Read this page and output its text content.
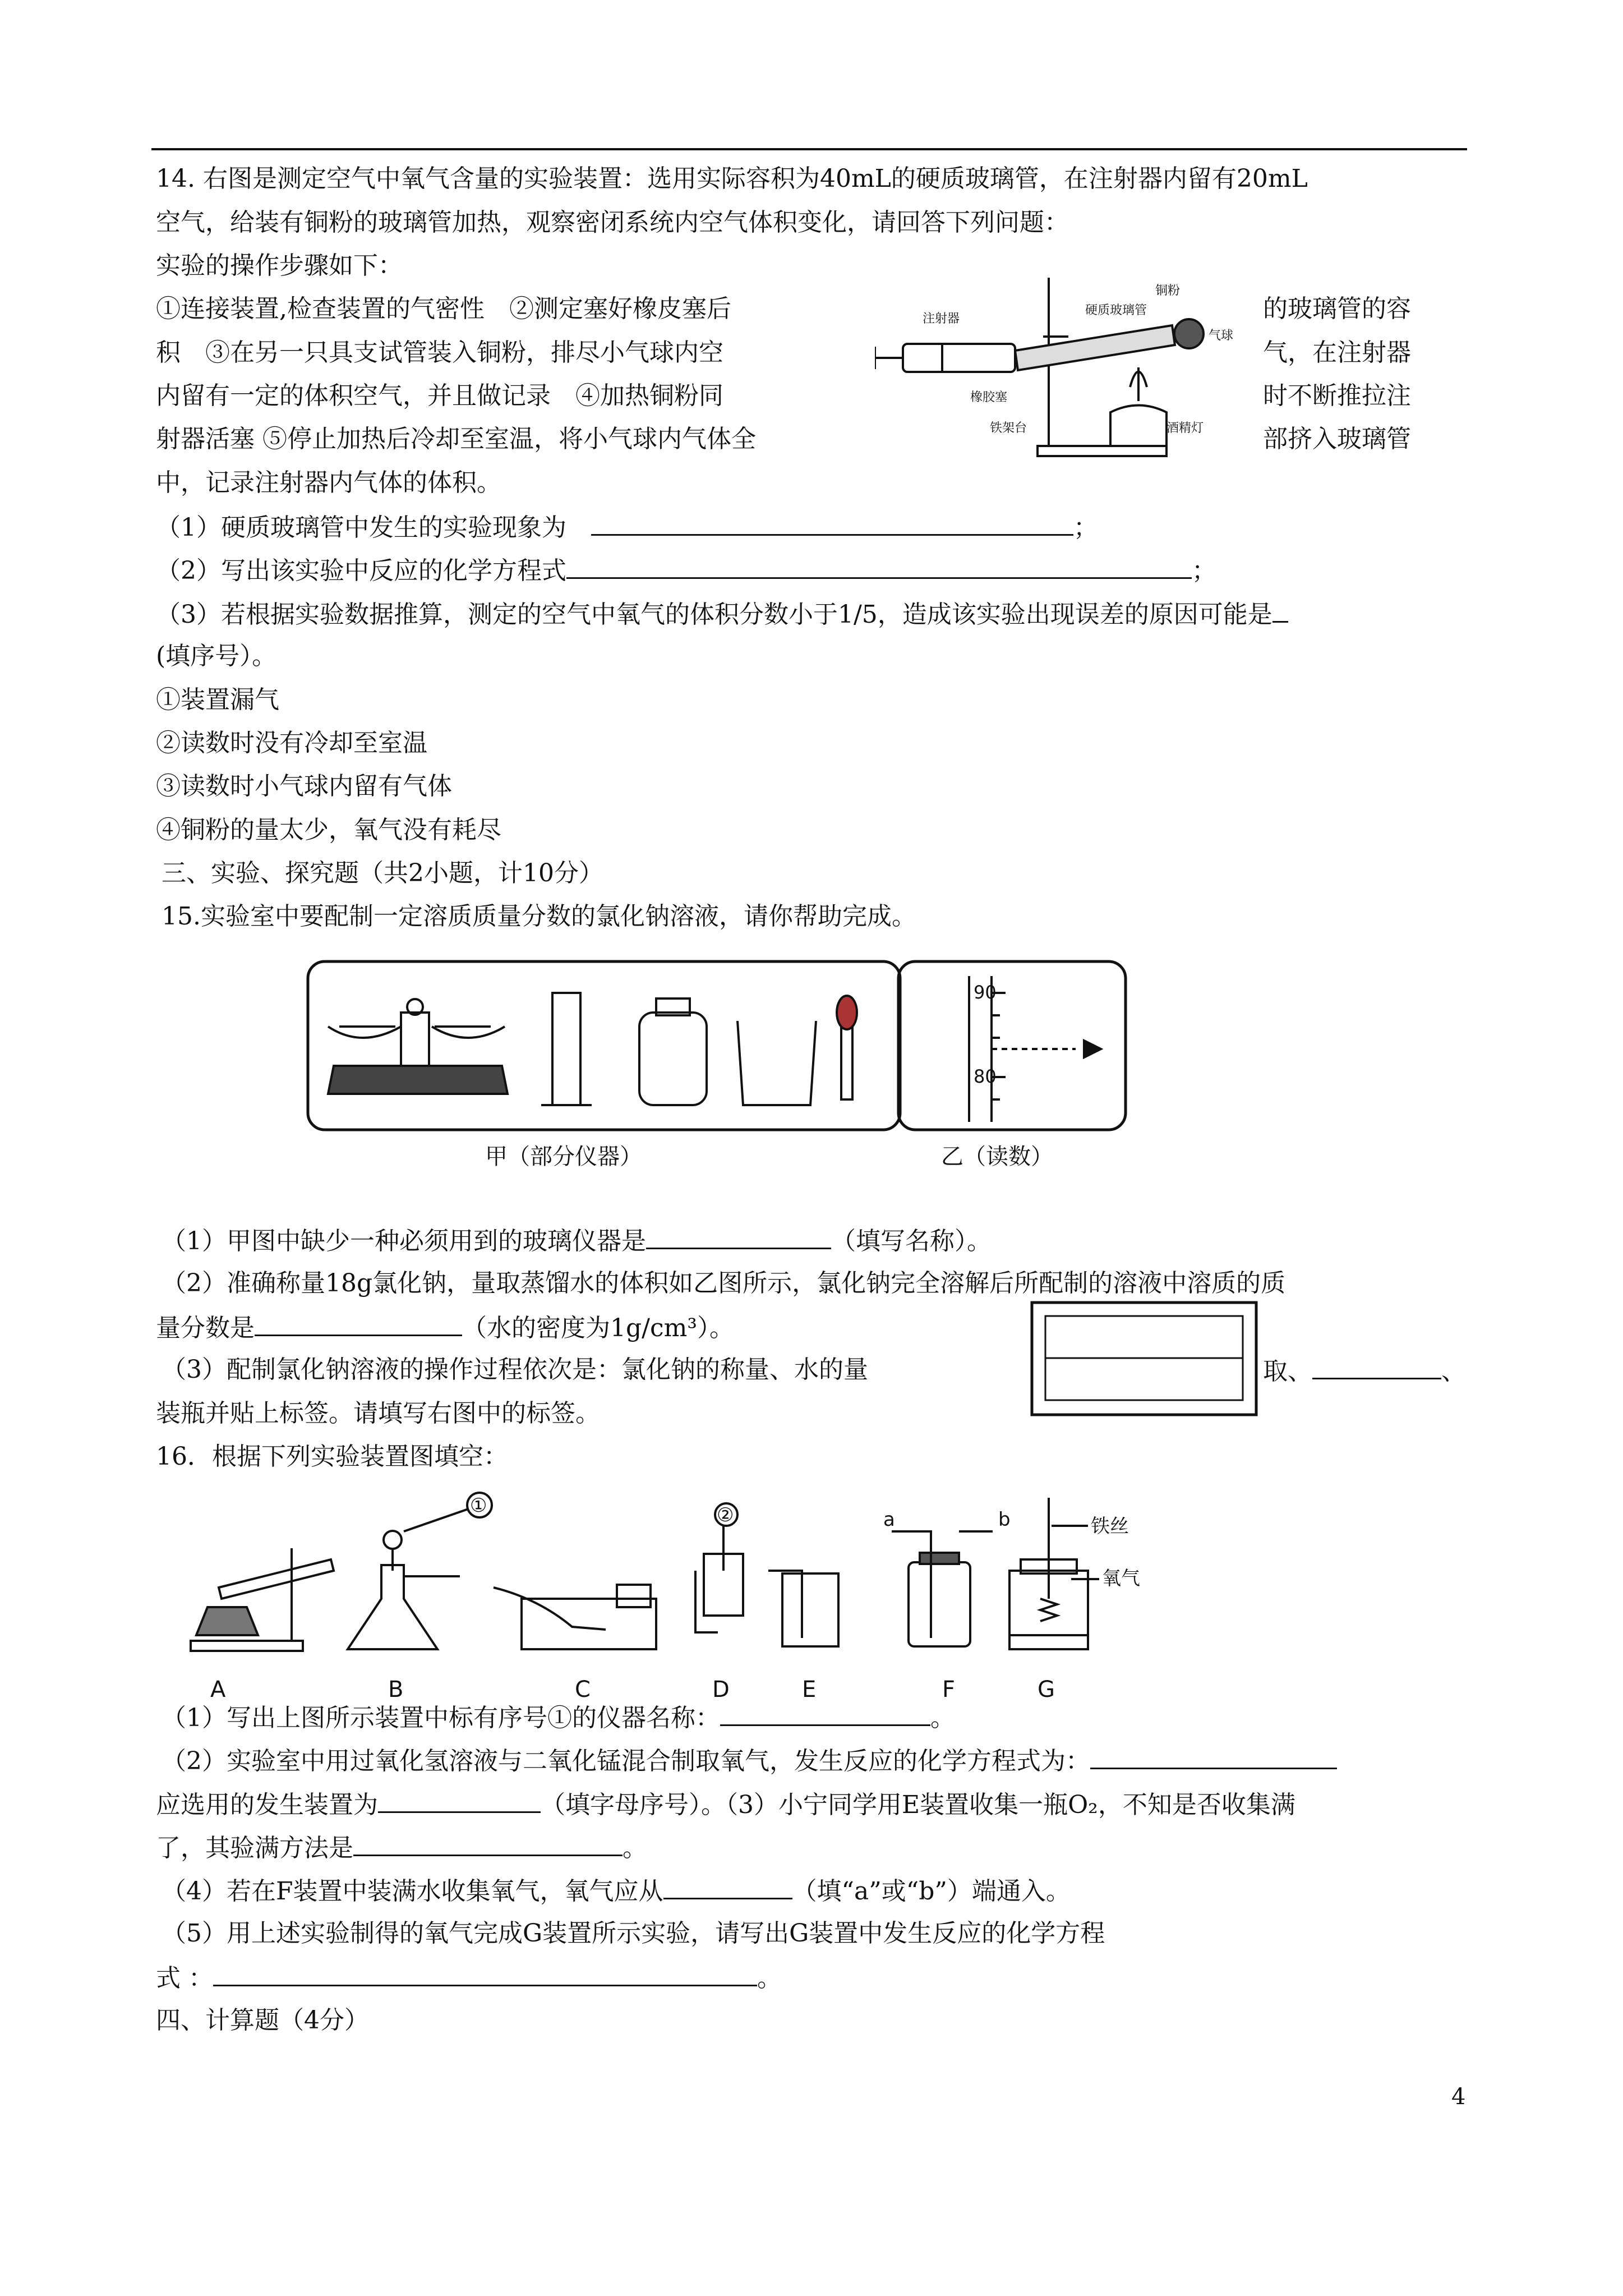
14. 右图是测定空气中氧气含量的实验装置：选用实际容积为40mL的硬质玻璃管，在注射器内留有20mL
空气，给装有铜粉的玻璃管加热，观察密闭系统内空气体积变化，请回答下列问题：
实验的操作步骤如下：
①连接装置,检查装置的气密性　②测定塞好橡皮塞后	的玻璃管的容
积　③在另一只具支试管装入铜粉，排尽小气球内空	气，在注射器
内留有一定的体积空气，并且做记录　④加热铜粉同	时不断推拉注
射器活塞 ⑤停止加热后冷却至室温，将小气球内气体全	部挤入玻璃管
中，记录注射器内气体的体积。
注射器
硬质玻璃管
铜粉
气球
橡胶塞
铁架台	酒精灯
（1）硬质玻璃管中发生的实验现象为　	；
（2）写出该实验中反应的化学方程式	；
（3）若根据实验数据推算，测定的空气中氧气的体积分数小于1/5，造成该实验出现误差的原因可能是
(填序号）。
①装置漏气
②读数时没有冷却至室温
③读数时小气球内留有气体
④铜粉的量太少，氧气没有耗尽
三、实验、探究题（共2小题，计10分）
15.实验室中要配制一定溶质质量分数的氯化钠溶液，请你帮助完成。
甲（部分仪器）
90
80
乙（读数）
（1）甲图中缺少一种必须用到的玻璃仪器是	（填写名称）。
（2）准确称量18g氯化钠，量取蒸馏水的体积如乙图所示，氯化钠完全溶解后所配制的溶液中溶质的质
量分数是	（水的密度为1g/cm³）。
（3）配制氯化钠溶液的操作过程依次是：氯化钠的称量、水的量	取、	、
装瓶并贴上标签。请填写右图中的标签。
16．根据下列实验装置图填空：
A	B	C	D	E	F	G
①	②	a	b	铁丝
氧气
（1）写出上图所示装置中标有序号①的仪器名称：	。
（2）实验室中用过氧化氢溶液与二氧化锰混合制取氧气，发生反应的化学方程式为：
应选用的发生装置为	（填字母序号）。（3）小宁同学用E装置收集一瓶O₂，不知是否收集满
了，其验满方法是	。
（4）若在F装置中装满水收集氧气，氧气应从	（填“a”或“b”）端通入。
（5）用上述实验制得的氧气完成G装置所示实验，请写出G装置中发生反应的化学方程
式 ：	。
四、计算题（4分）
4
